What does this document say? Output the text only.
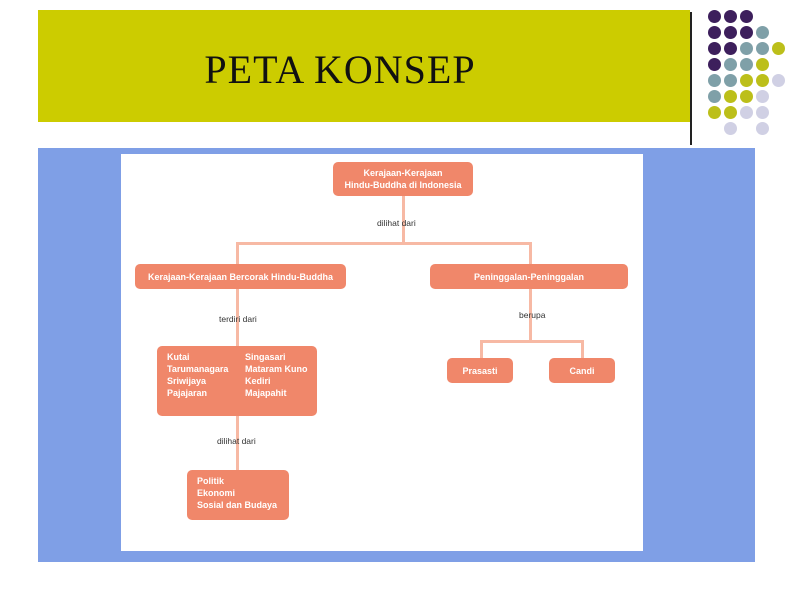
PETA KONSEP
Kerajaan-Kerajaan
Hindu-Buddha di Indonesia
dilihat dari
Kerajaan-Kerajaan Bercorak Hindu-Buddha
terdiri dari
Kutai
Tarumanagara
Sriwijaya
Pajajaran
Singasari
Mataram Kuno
Kediri
Majapahit
dilihat dari
Politik
Ekonomi
Sosial dan Budaya
Peninggalan-Peninggalan
berupa
Prasasti	Candi
